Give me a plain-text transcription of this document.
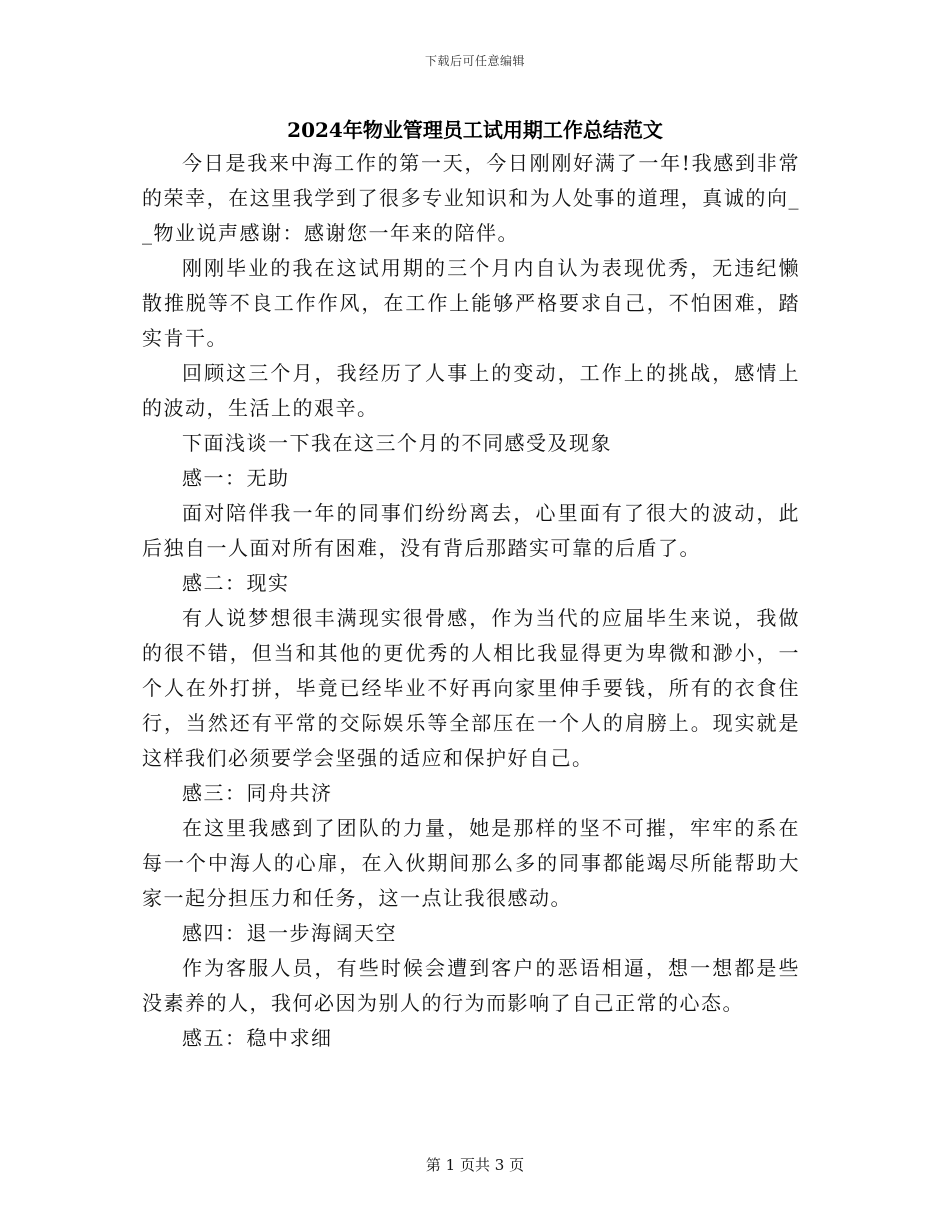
下载后可任意编辑
2024年物业管理员工试用期工作总结范文

今日是我来中海工作的第一天，今日刚刚好满了一年!我感到非常的荣幸，在这里我学到了很多专业知识和为人处事的道理，真诚的向__物业说声感谢：感谢您一年来的陪伴。

刚刚毕业的我在这试用期的三个月内自认为表现优秀，无违纪懒散推脱等不良工作作风，在工作上能够严格要求自己，不怕困难，踏实肯干。

回顾这三个月，我经历了人事上的变动，工作上的挑战，感情上的波动，生活上的艰辛。

下面浅谈一下我在这三个月的不同感受及现象

感一：无助

面对陪伴我一年的同事们纷纷离去，心里面有了很大的波动，此后独自一人面对所有困难，没有背后那踏实可靠的后盾了。

感二：现实

有人说梦想很丰满现实很骨感，作为当代的应届毕生来说，我做的很不错，但当和其他的更优秀的人相比我显得更为卑微和渺小，一个人在外打拼，毕竟已经毕业不好再向家里伸手要钱，所有的衣食住行，当然还有平常的交际娱乐等全部压在一个人的肩膀上。现实就是这样我们必须要学会坚强的适应和保护好自己。

感三：同舟共济

在这里我感到了团队的力量，她是那样的坚不可摧，牢牢的系在每一个中海人的心扉，在入伙期间那么多的同事都能竭尽所能帮助大家一起分担压力和任务，这一点让我很感动。

感四：退一步海阔天空

作为客服人员，有些时候会遭到客户的恶语相逼，想一想都是些没素养的人，我何必因为别人的行为而影响了自己正常的心态。

感五：稳中求细

第 1 页共 3 页
